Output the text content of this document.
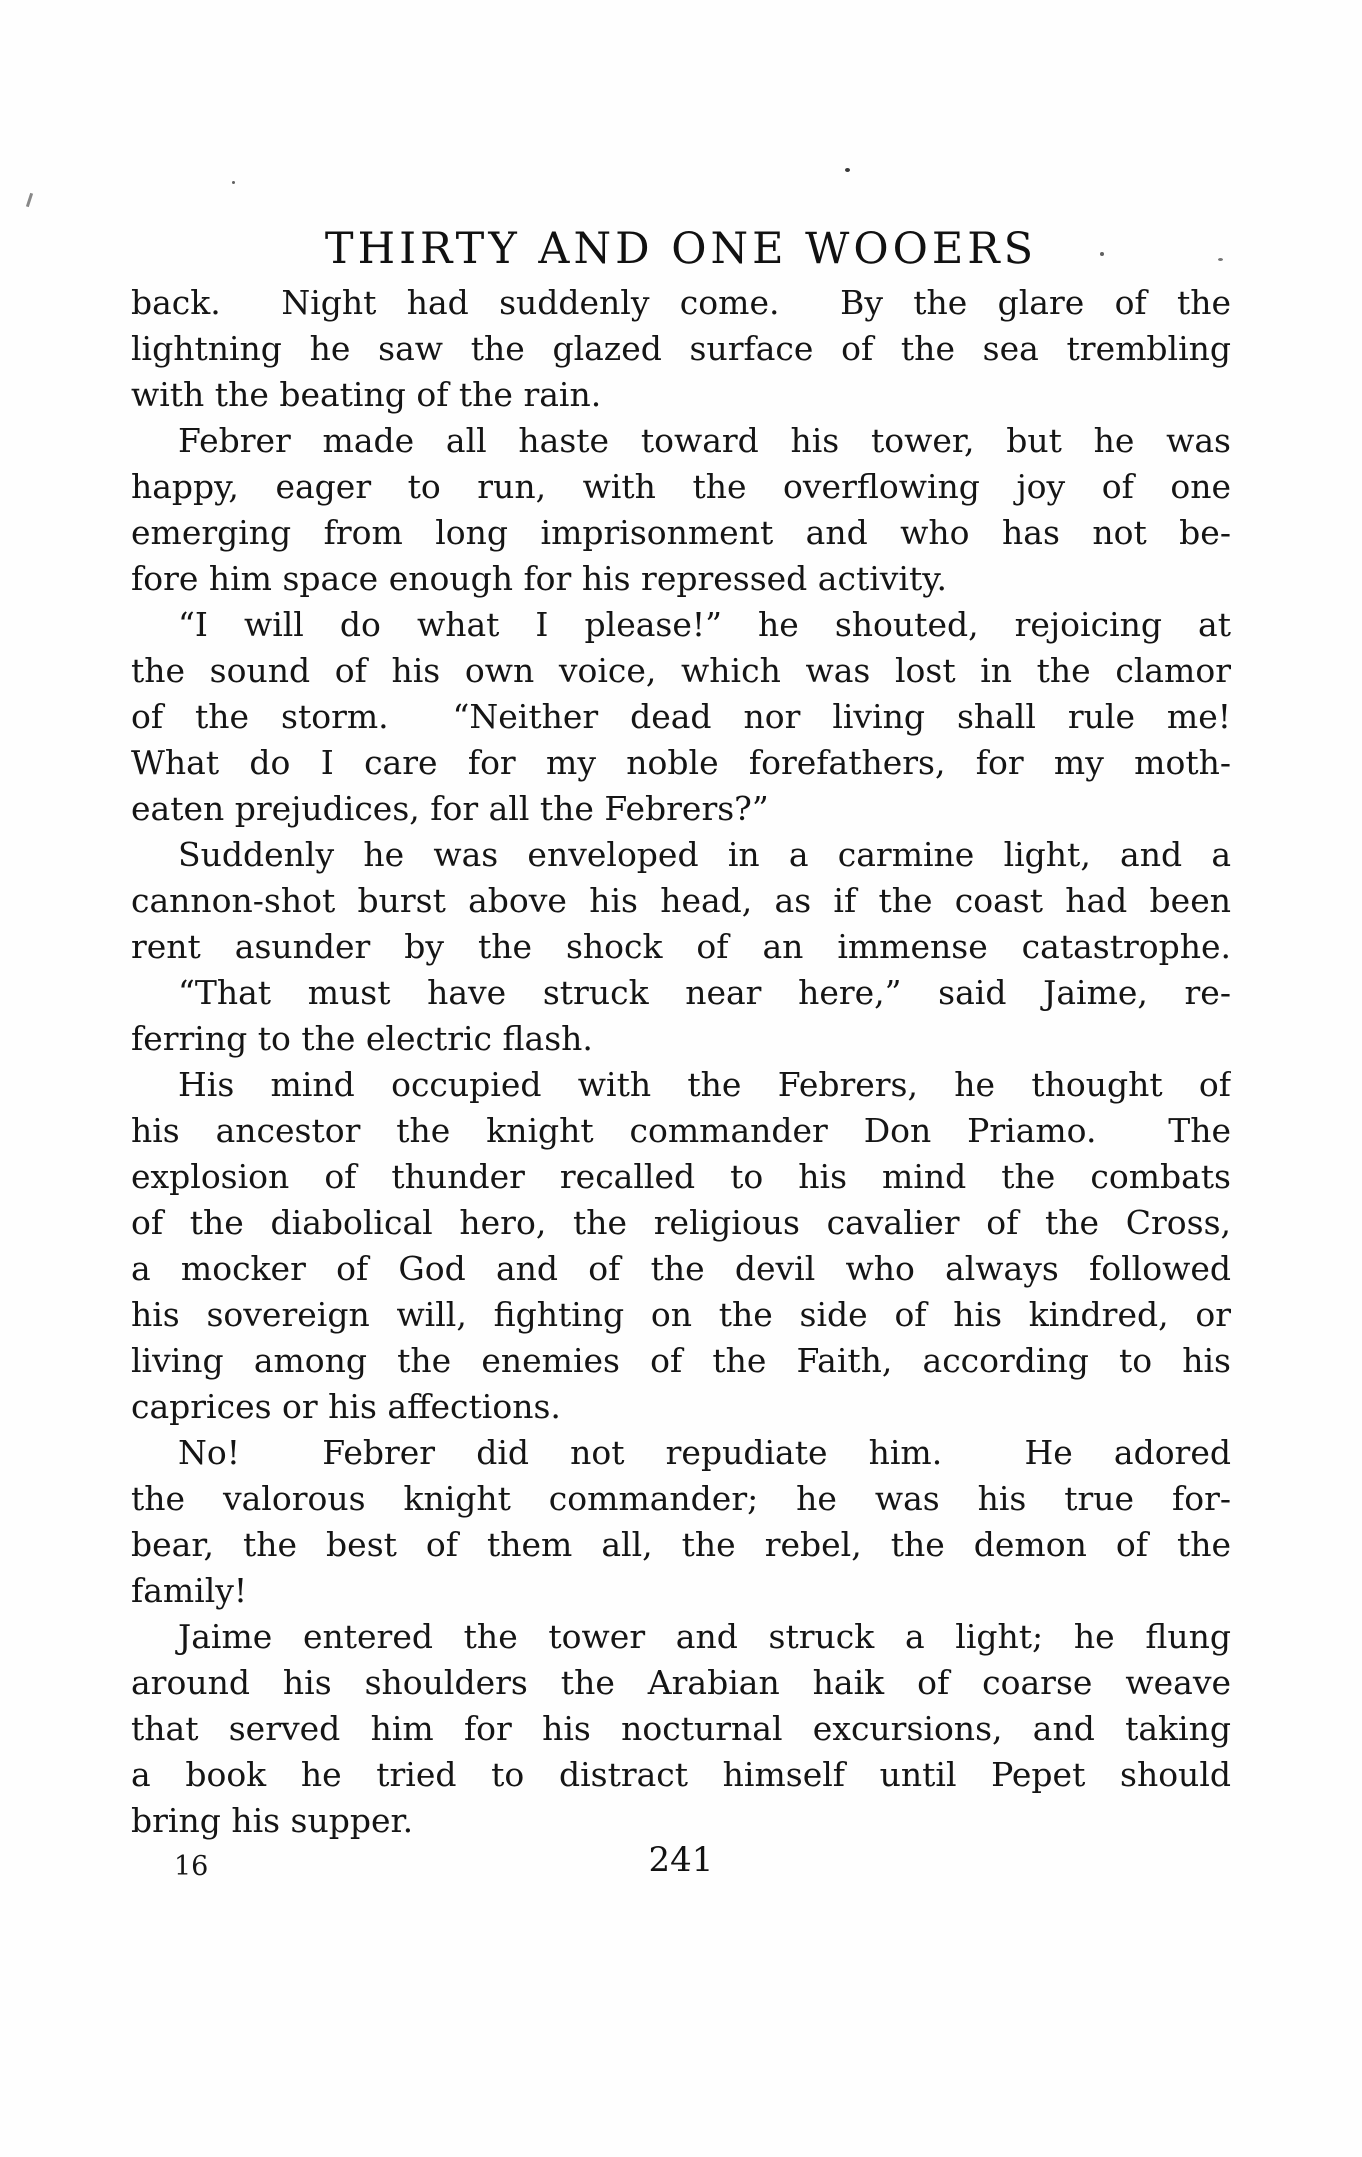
THIRTY AND ONE WOOERS
back.  Night had suddenly come.  By the glare of the
lightning he saw the glazed surface of the sea trembling
with the beating of the rain.
Febrer made all haste toward his tower, but he was
happy, eager to run, with the overflowing joy of one
emerging from long imprisonment and who has not be-
fore him space enough for his repressed activity.
“I will do what I please!” he shouted, rejoicing at
the sound of his own voice, which was lost in the clamor
of the storm.  “Neither dead nor living shall rule me!
What do I care for my noble forefathers, for my moth-
eaten prejudices, for all the Febrers?”
Suddenly he was enveloped in a carmine light, and a
cannon-shot burst above his head, as if the coast had been
rent asunder by the shock of an immense catastrophe.
“That must have struck near here,” said Jaime, re-
ferring to the electric flash.
His mind occupied with the Febrers, he thought of
his ancestor the knight commander Don Priamo.  The
explosion of thunder recalled to his mind the combats
of the diabolical hero, the religious cavalier of the Cross,
a mocker of God and of the devil who always followed
his sovereign will, fighting on the side of his kindred, or
living among the enemies of the Faith, according to his
caprices or his affections.
No!  Febrer did not repudiate him.  He adored
the valorous knight commander; he was his true for-
bear, the best of them all, the rebel, the demon of the
family!
Jaime entered the tower and struck a light; he flung
around his shoulders the Arabian haik of coarse weave
that served him for his nocturnal excursions, and taking
a book he tried to distract himself until Pepet should
bring his supper.
16	241
